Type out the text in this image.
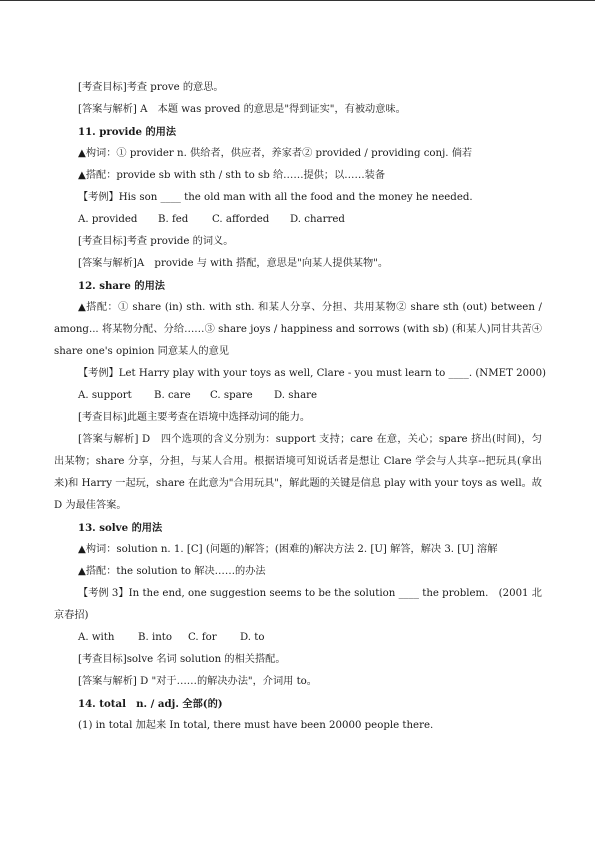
[考查目标]考查 prove 的意思。
[答案与解析] A　本题 was proved 的意思是"得到证实"，有被动意味。
11. provide 的用法
▲构词：① provider n. 供给者，供应者，养家者② provided / providing conj. 倘若
▲搭配：provide sb with sth / sth to sb 给……提供；以……装备
【考例】His son ____ the old man with all the food and the money he needed.
A. provided B. fed C. afforded D. charred
[考查目标]考查 provide 的词义。
[答案与解析]A　provide 与 with 搭配，意思是"向某人提供某物"。
12. share 的用法
▲搭配：① share (in) sth. with sth. 和某人分享、分担、共用某物② share sth (out) between / among... 将某物分配、分给……③ share joys / happiness and sorrows (with sb) (和某人)同甘共苦④ share one's opinion 同意某人的意见
【考例】Let Harry play with your toys as well, Clare - you must learn to ____. (NMET 2000)
A. support B. care C. spare D. share
[考查目标]此题主要考查在语境中选择动词的能力。
[答案与解析] D　四个选项的含义分别为：support 支持；care 在意，关心；spare 挤出(时间)，匀出某物；share 分享，分担，与某人合用。根据语境可知说话者是想让 Clare 学会与人共享--把玩具(拿出来)和 Harry 一起玩，share 在此意为"合用玩具"，解此题的关键是信息 play with your toys as well。故 D 为最佳答案。
13. solve 的用法
▲构词：solution n. 1. [C] (问题的)解答；(困难的)解决方法 2. [U] 解答，解决 3. [U] 溶解
▲搭配：the solution to 解决……的办法
【考例 3】In the end, one suggestion seems to be the solution ____ the problem.　(2001 北京春招)
A. with B. into C. for D. to
[考查目标]solve 名词 solution 的相关搭配。
[答案与解析] D "对于……的解决办法"，介词用 to。
14. total　n. / adj. 全部(的)
(1) in total 加起来 In total, there must have been 20000 people there.
